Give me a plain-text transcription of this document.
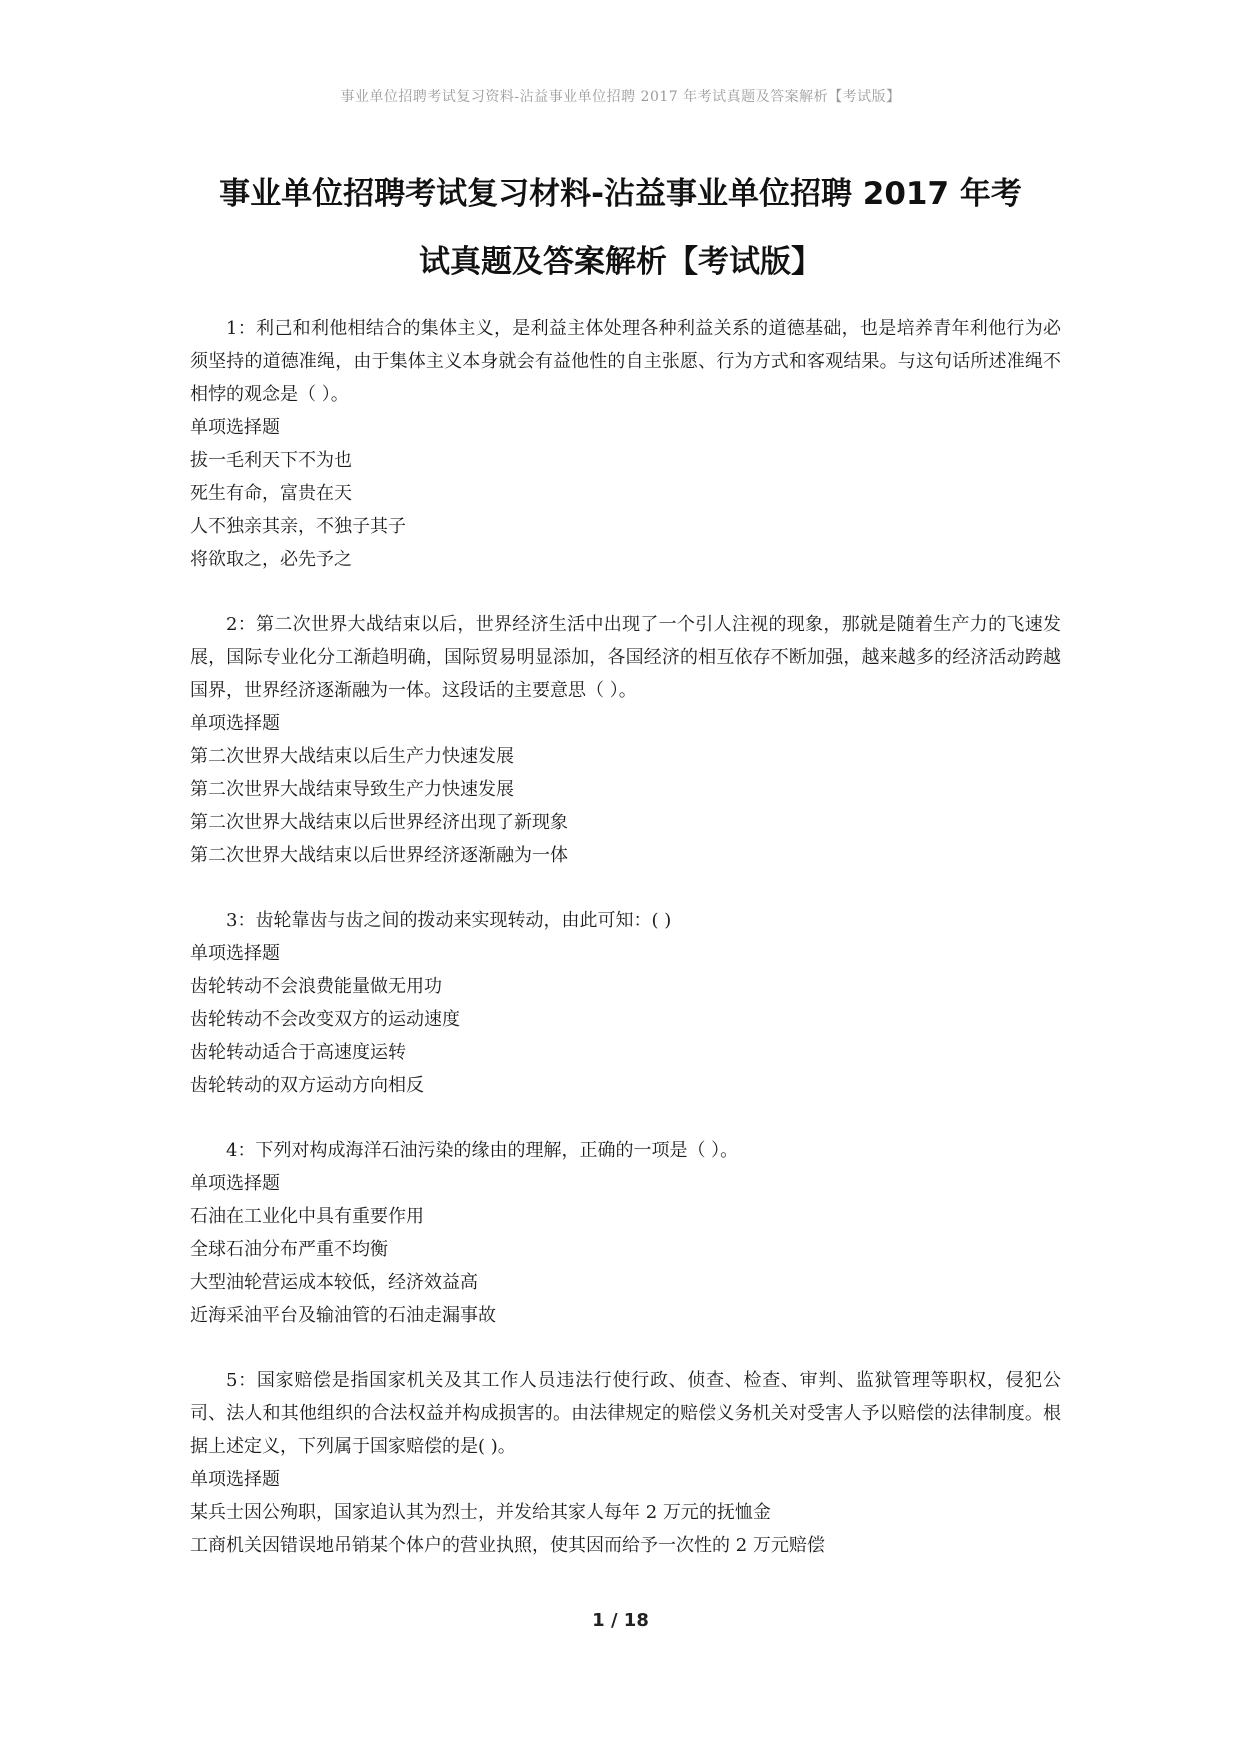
事业单位招聘考试复习资料-沾益事业单位招聘 2017 年考试真题及答案解析【考试版】
事业单位招聘考试复习材料-沾益事业单位招聘 2017 年考
试真题及答案解析【考试版】

1：利己和利他相结合的集体主义，是利益主体处理各种利益关系的道德基础，也是培养青年利他行为必须坚持的道德准绳，由于集体主义本身就会有益他性的自主张愿、行为方式和客观结果。与这句话所述准绳不相悖的观念是（ ）。

单项选择题

拔一毛利天下不为也

死生有命，富贵在天

人不独亲其亲，不独子其子

将欲取之，必先予之

2：第二次世界大战结束以后，世界经济生活中出现了一个引人注视的现象，那就是随着生产力的飞速发展，国际专业化分工渐趋明确，国际贸易明显添加，各国经济的相互依存不断加强，越来越多的经济活动跨越国界，世界经济逐渐融为一体。这段话的主要意思（ ）。

单项选择题

第二次世界大战结束以后生产力快速发展

第二次世界大战结束导致生产力快速发展

第二次世界大战结束以后世界经济出现了新现象

第二次世界大战结束以后世界经济逐渐融为一体

3：齿轮靠齿与齿之间的拨动来实现转动，由此可知：( )

单项选择题

齿轮转动不会浪费能量做无用功

齿轮转动不会改变双方的运动速度

齿轮转动适合于高速度运转

齿轮转动的双方运动方向相反

4：下列对构成海洋石油污染的缘由的理解，正确的一项是（ ）。

单项选择题

石油在工业化中具有重要作用

全球石油分布严重不均衡

大型油轮营运成本较低，经济效益高

近海采油平台及输油管的石油走漏事故

5：国家赔偿是指国家机关及其工作人员违法行使行政、侦查、检查、审判、监狱管理等职权，侵犯公司、法人和其他组织的合法权益并构成损害的。由法律规定的赔偿义务机关对受害人予以赔偿的法律制度。根据上述定义，下列属于国家赔偿的是( )。

单项选择题

某兵士因公殉职，国家追认其为烈士，并发给其家人每年 2 万元的抚恤金

工商机关因错误地吊销某个体户的营业执照，使其因而给予一次性的 2 万元赔偿

1 / 18
